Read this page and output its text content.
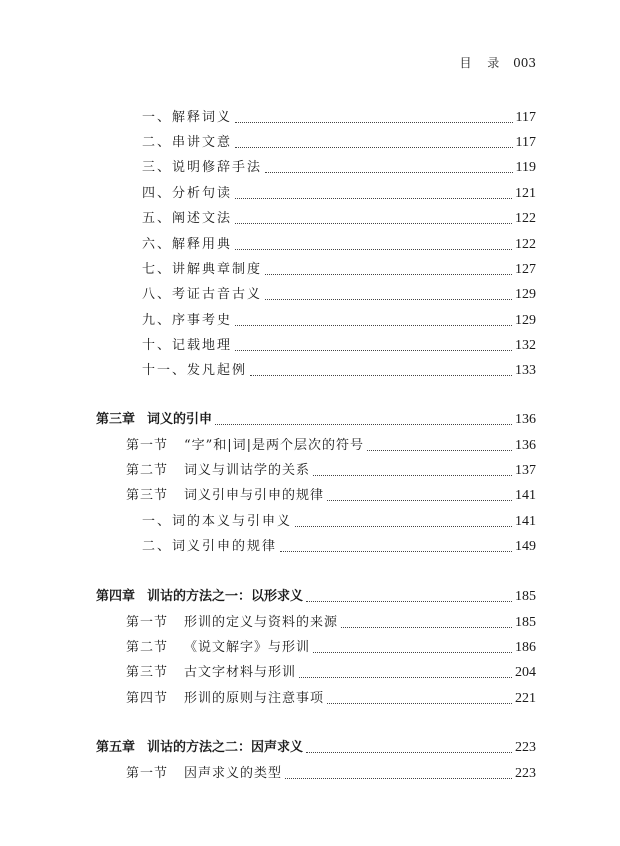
目 录 003
一、解释词义	117
二、串讲文意	117
三、说明修辞手法	119
四、分析句读	121
五、阐述文法	122
六、解释用典	122
七、讲解典章制度	127
八、考证古音古义	129
九、序事考史	129
十、记载地理	132
十一、发凡起例	133
第三章 词义的引申	136
第一节 “字”和|词|是两个层次的符号	136
第二节 词义与训诂学的关系	137
第三节 词义引申与引申的规律	141
一、词的本义与引申义	141
二、词义引申的规律	149
第四章 训诂的方法之一：以形求义	185
第一节 形训的定义与资料的来源	185
第二节 《说文解字》与形训	186
第三节 古文字材料与形训	204
第四节 形训的原则与注意事项	221
第五章 训诂的方法之二：因声求义	223
第一节 因声求义的类型	223
